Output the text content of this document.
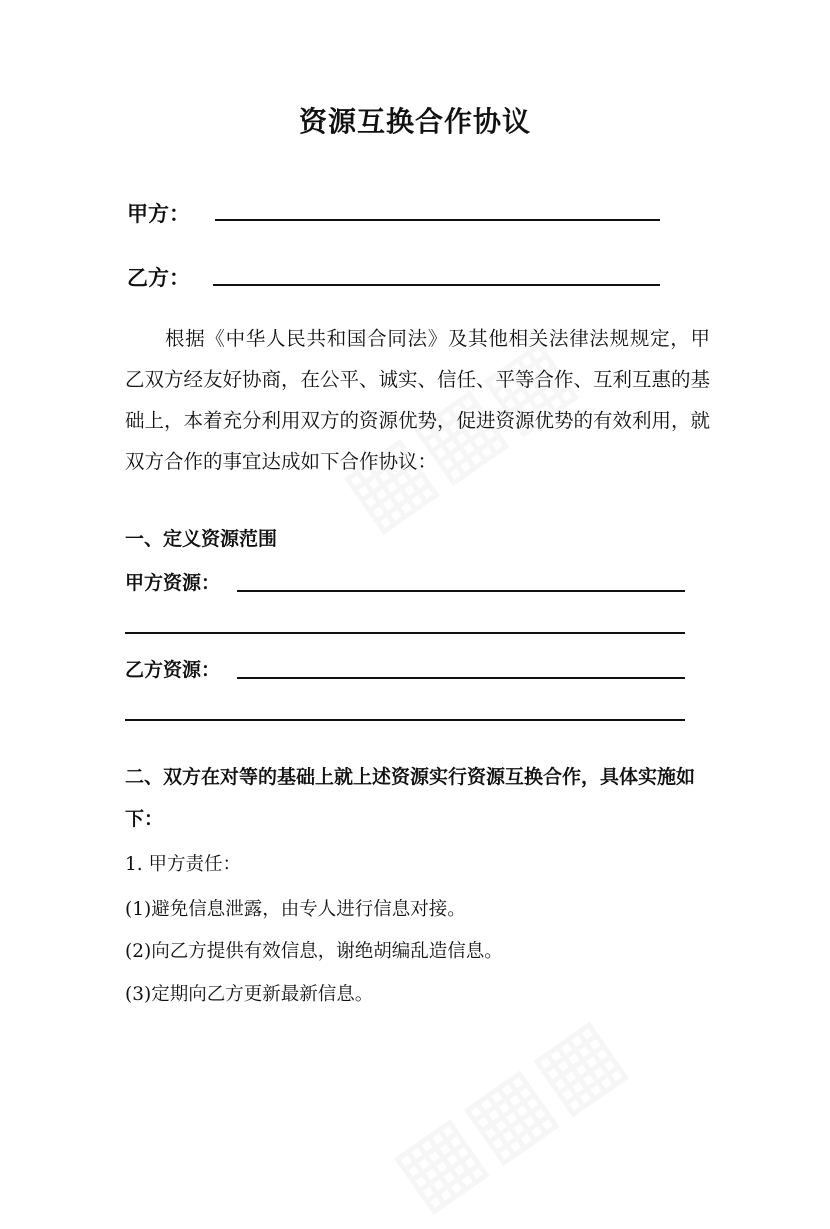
资源互换合作协议
甲方：
乙方：

根据《中华人民共和国合同法》及其他相关法律法规规定，甲乙双方经友好协商，在公平、诚实、信任、平等合作、互利互惠的基础上，本着充分利用双方的资源优势，促进资源优势的有效利用，就双方合作的事宜达成如下合作协议：

一、定义资源范围
甲方资源：
乙方资源：

二、双方在对等的基础上就上述资源实行资源互换合作，具体实施如下：

1. 甲方责任：
(1)避免信息泄露，由专人进行信息对接。
(2)向乙方提供有效信息，谢绝胡编乱造信息。
(3)定期向乙方更新最新信息。
